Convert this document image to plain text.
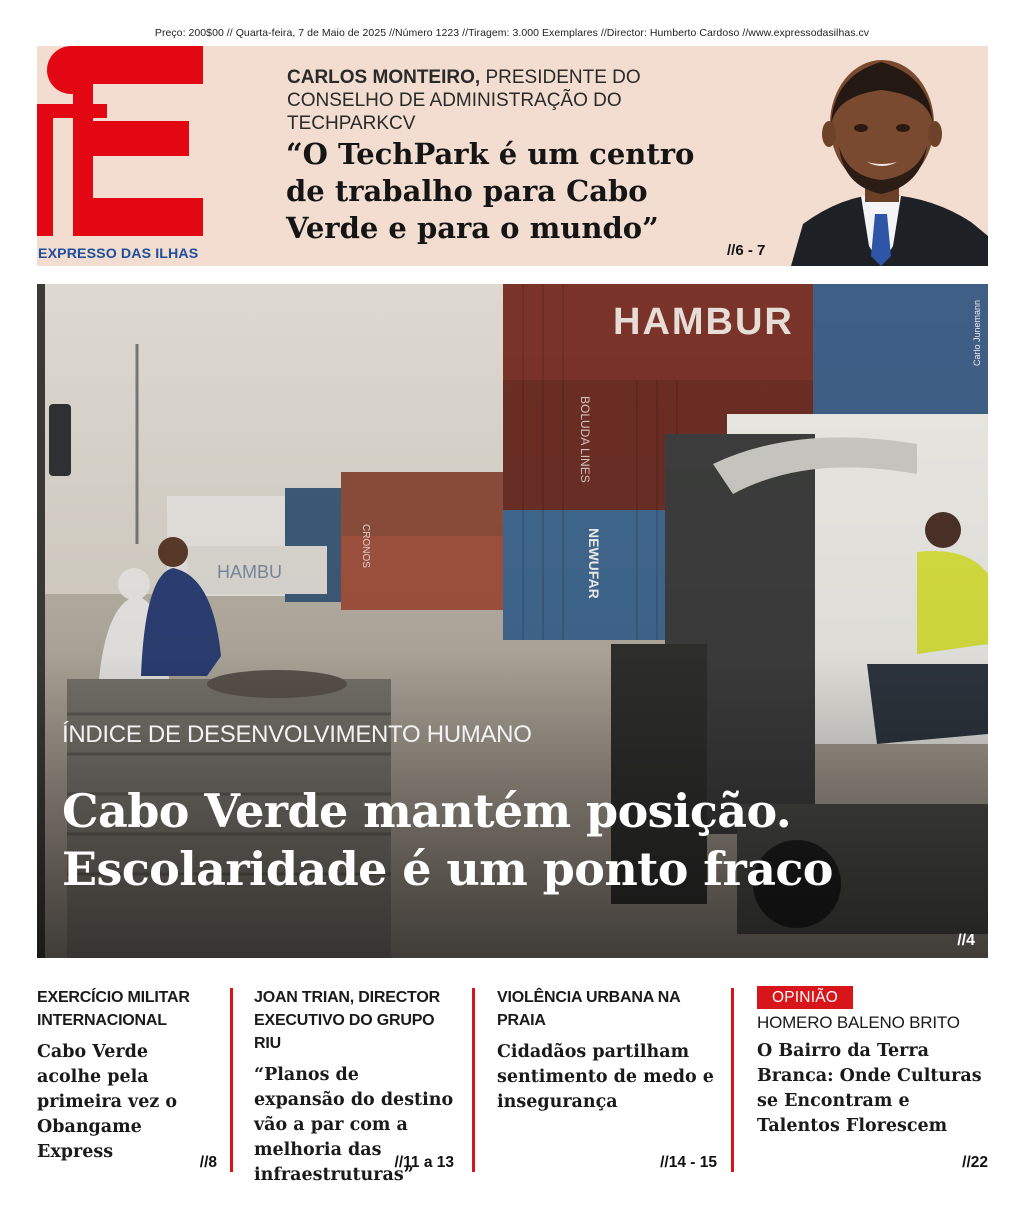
Preço: 200$00 // Quarta-feira, 7 de Maio de 2025 //Número 1223 //Tiragem: 3.000 Exemplares //Director: Humberto Cardoso //www.expressodasilhas.cv
EXPRESSO DAS ILHAS
CARLOS MONTEIRO, PRESIDENTE DO CONSELHO DE ADMINISTRAÇÃO DO TECHPARKCV
“O TechPark é um centro de trabalho para Cabo Verde e para o mundo”
//6 - 7
Carlo Junemann
ÍNDICE DE DESENVOLVIMENTO HUMANO
Cabo Verde mantém posição. Escolaridade é um ponto fraco
//4
EXERCÍCIO MILITAR INTERNACIONAL
Cabo Verde acolhe pela primeira vez o Obangame Express
//8
JOAN TRIAN, DIRECTOR EXECUTIVO DO GRUPO RIU
“Planos de expansão do destino vão a par com a melhoria das infraestruturas”
//11 a 13
VIOLÊNCIA URBANA NA PRAIA
Cidadãos partilham sentimento de medo e insegurança
//14 - 15
OPINIÃO
HOMERO BALENO BRITO
O Bairro da Terra Branca: Onde Culturas se Encontram e Talentos Florescem
//22
